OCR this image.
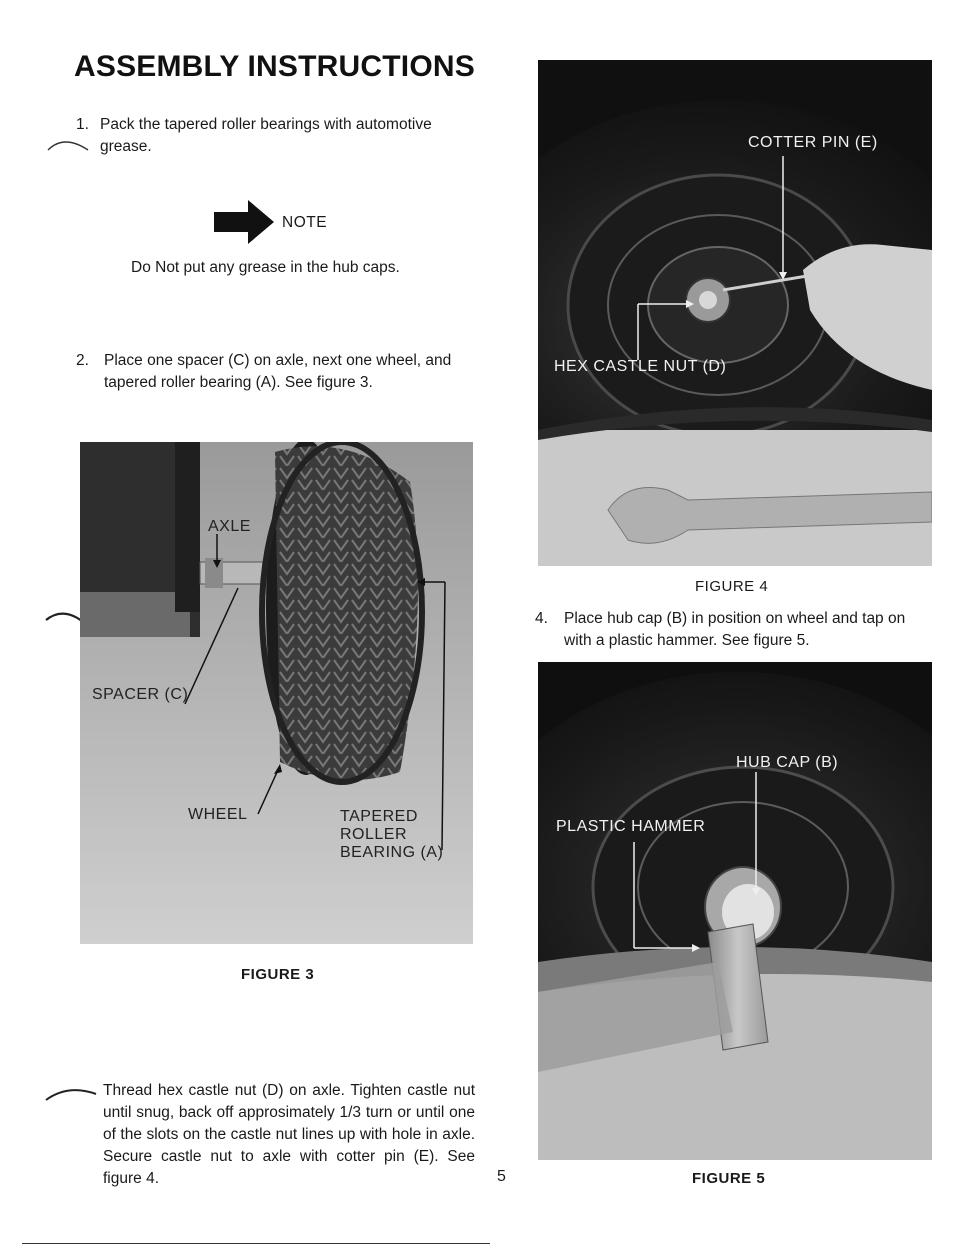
ASSEMBLY INSTRUCTIONS
1. Pack the tapered roller bearings with automotive grease.
NOTE
Do Not put any grease in the hub caps.
2. Place one spacer (C) on axle, next one wheel, and tapered roller bearing (A). See figure 3.
AXLE
SPACER (C)
WHEEL	TAPERED
ROLLER
BEARING (A)
FIGURE 3
Thread hex castle nut (D) on axle. Tighten castle nut until snug, back off approsimately 1/3 turn or until one of the slots on the castle nut lines up with hole in axle. Secure castle nut to axle with cotter pin (E). See figure 4.	5
COTTER PIN (E)
HEX CASTLE NUT (D)
FIGURE 4
4. Place hub cap (B) in position on wheel and tap on with a plastic hammer. See figure 5.
HUB CAP (B)
PLASTIC HAMMER
FIGURE 5
